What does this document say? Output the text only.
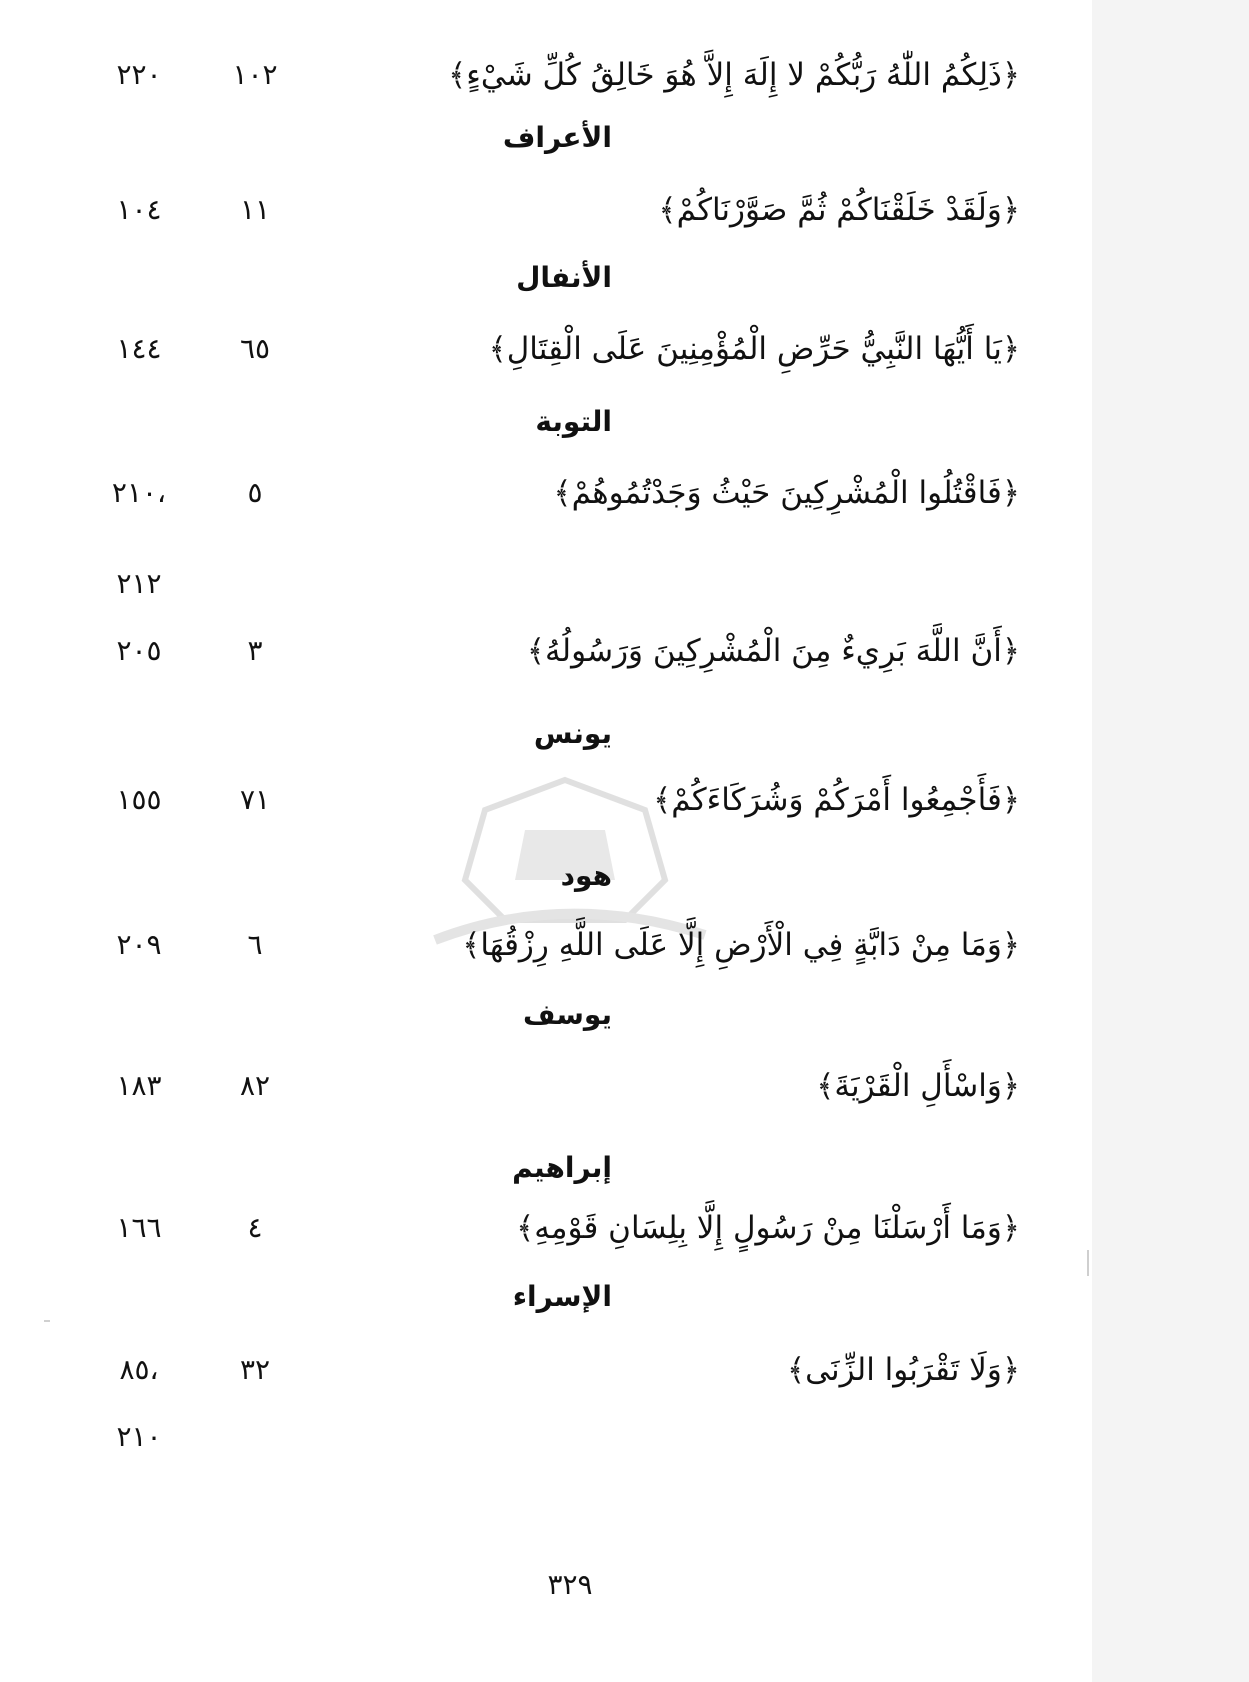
﴿ذَلِكُمُ اللّٰهُ رَبُّكُمْ لا إِلَهَ إِلاَّ هُوَ خَالِقُ كُلِّ شَيْءٍ﴾
١٠٢
٢٢٠
الأعراف
﴿وَلَقَدْ خَلَقْنَاكُمْ ثُمَّ صَوَّرْنَاكُمْ﴾
١١
١٠٤
الأنفال
﴿يَا أَيُّهَا النَّبِيُّ حَرِّضِ الْمُؤْمِنِينَ عَلَى الْقِتَالِ﴾
٦٥
١٤٤
التوبة
﴿فَاقْتُلُوا الْمُشْرِكِينَ حَيْثُ وَجَدْتُمُوهُمْ﴾
٥
٢١٠،
٢١٢
﴿أَنَّ اللَّهَ بَرِيءٌ مِنَ الْمُشْرِكِينَ وَرَسُولُهُ﴾
٣
٢٠٥
يونس
﴿فَأَجْمِعُوا أَمْرَكُمْ وَشُرَكَاءَكُمْ﴾
٧١
١٥٥
هود
﴿وَمَا مِنْ دَابَّةٍ فِي الْأَرْضِ إِلَّا عَلَى اللَّهِ رِزْقُهَا﴾
٦
٢٠٩
يوسف
﴿وَاسْأَلِ الْقَرْيَةَ﴾
٨٢
١٨٣
إبراهيم
﴿وَمَا أَرْسَلْنَا مِنْ رَسُولٍ إِلَّا بِلِسَانِ قَوْمِهِ﴾
٤
١٦٦
الإسراء
﴿وَلَا تَقْرَبُوا الزِّنَى﴾
٣٢
٨٥،
٢١٠
٣٢٩
